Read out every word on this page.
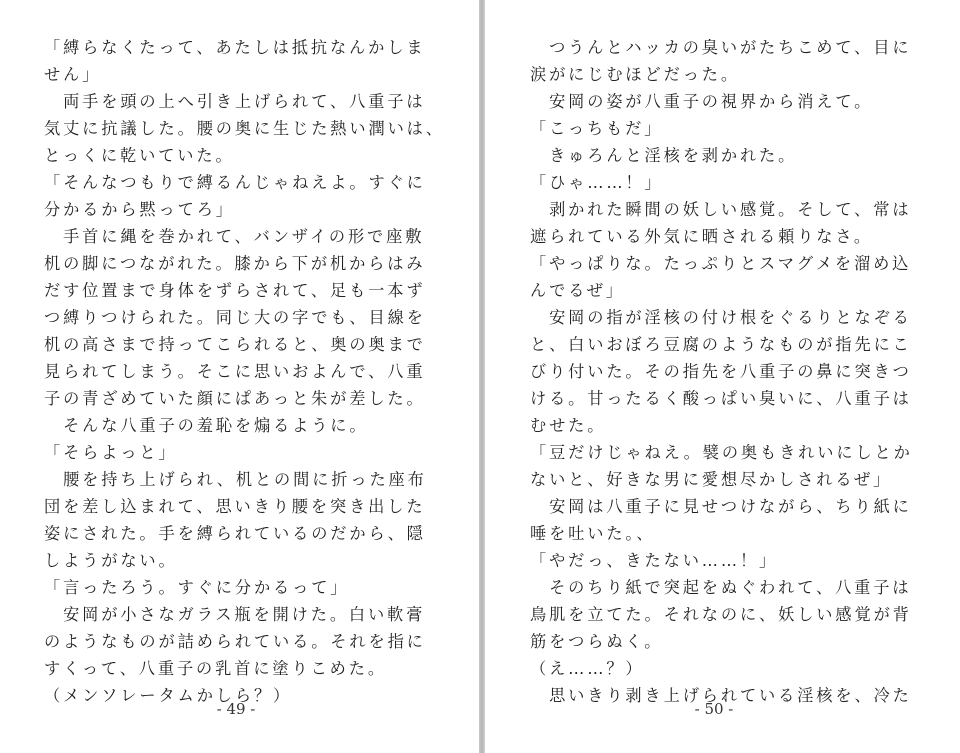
「縛らなくたって、あたしは抵抗なんかしま
せん」
　両手を頭の上へ引き上げられて、八重子は
気丈に抗議した。腰の奥に生じた熱い潤いは、
とっくに乾いていた。
「そんなつもりで縛るんじゃねえよ。すぐに
分かるから黙ってろ」
　手首に縄を巻かれて、バンザイの形で座敷
机の脚につながれた。膝から下が机からはみ
だす位置まで身体をずらされて、足も一本ず
つ縛りつけられた。同じ大の字でも、目線を
机の高さまで持ってこられると、奥の奥まで
見られてしまう。そこに思いおよんで、八重
子の青ざめていた顔にぱあっと朱が差した。
　そんな八重子の羞恥を煽るように。
「そらよっと」
　腰を持ち上げられ、机との間に折った座布
団を差し込まれて、思いきり腰を突き出した
姿にされた。手を縛られているのだから、隠
しようがない。
「言ったろう。すぐに分かるって」
　安岡が小さなガラス瓶を開けた。白い軟膏
のようなものが詰められている。それを指に
すくって、八重子の乳首に塗りこめた。
（メンソレータムかしら？）
- 49 -
　つうんとハッカの臭いがたちこめて、目に
涙がにじむほどだった。
　安岡の姿が八重子の視界から消えて。
「こっちもだ」
　きゅろんと淫核を剥かれた。
「ひゃ……！」
　剥かれた瞬間の妖しい感覚。そして、常は
遮られている外気に晒される頼りなさ。
「やっぱりな。たっぷりとスマグメを溜め込
んでるぜ」
　安岡の指が淫核の付け根をぐるりとなぞる
と、白いおぼろ豆腐のようなものが指先にこ
びり付いた。その指先を八重子の鼻に突きつ
ける。甘ったるく酸っぱい臭いに、八重子は
むせた。
「豆だけじゃねえ。襞の奥もきれいにしとか
ないと、好きな男に愛想尽かしされるぜ」
　安岡は八重子に見せつけながら、ちり紙に
唾を吐いた。、
「やだっ、きたない……！」
　そのちり紙で突起をぬぐわれて、八重子は
鳥肌を立てた。それなのに、妖しい感覚が背
筋をつらぬく。
（え……？）
　思いきり剥き上げられている淫核を、冷た
- 50 -
